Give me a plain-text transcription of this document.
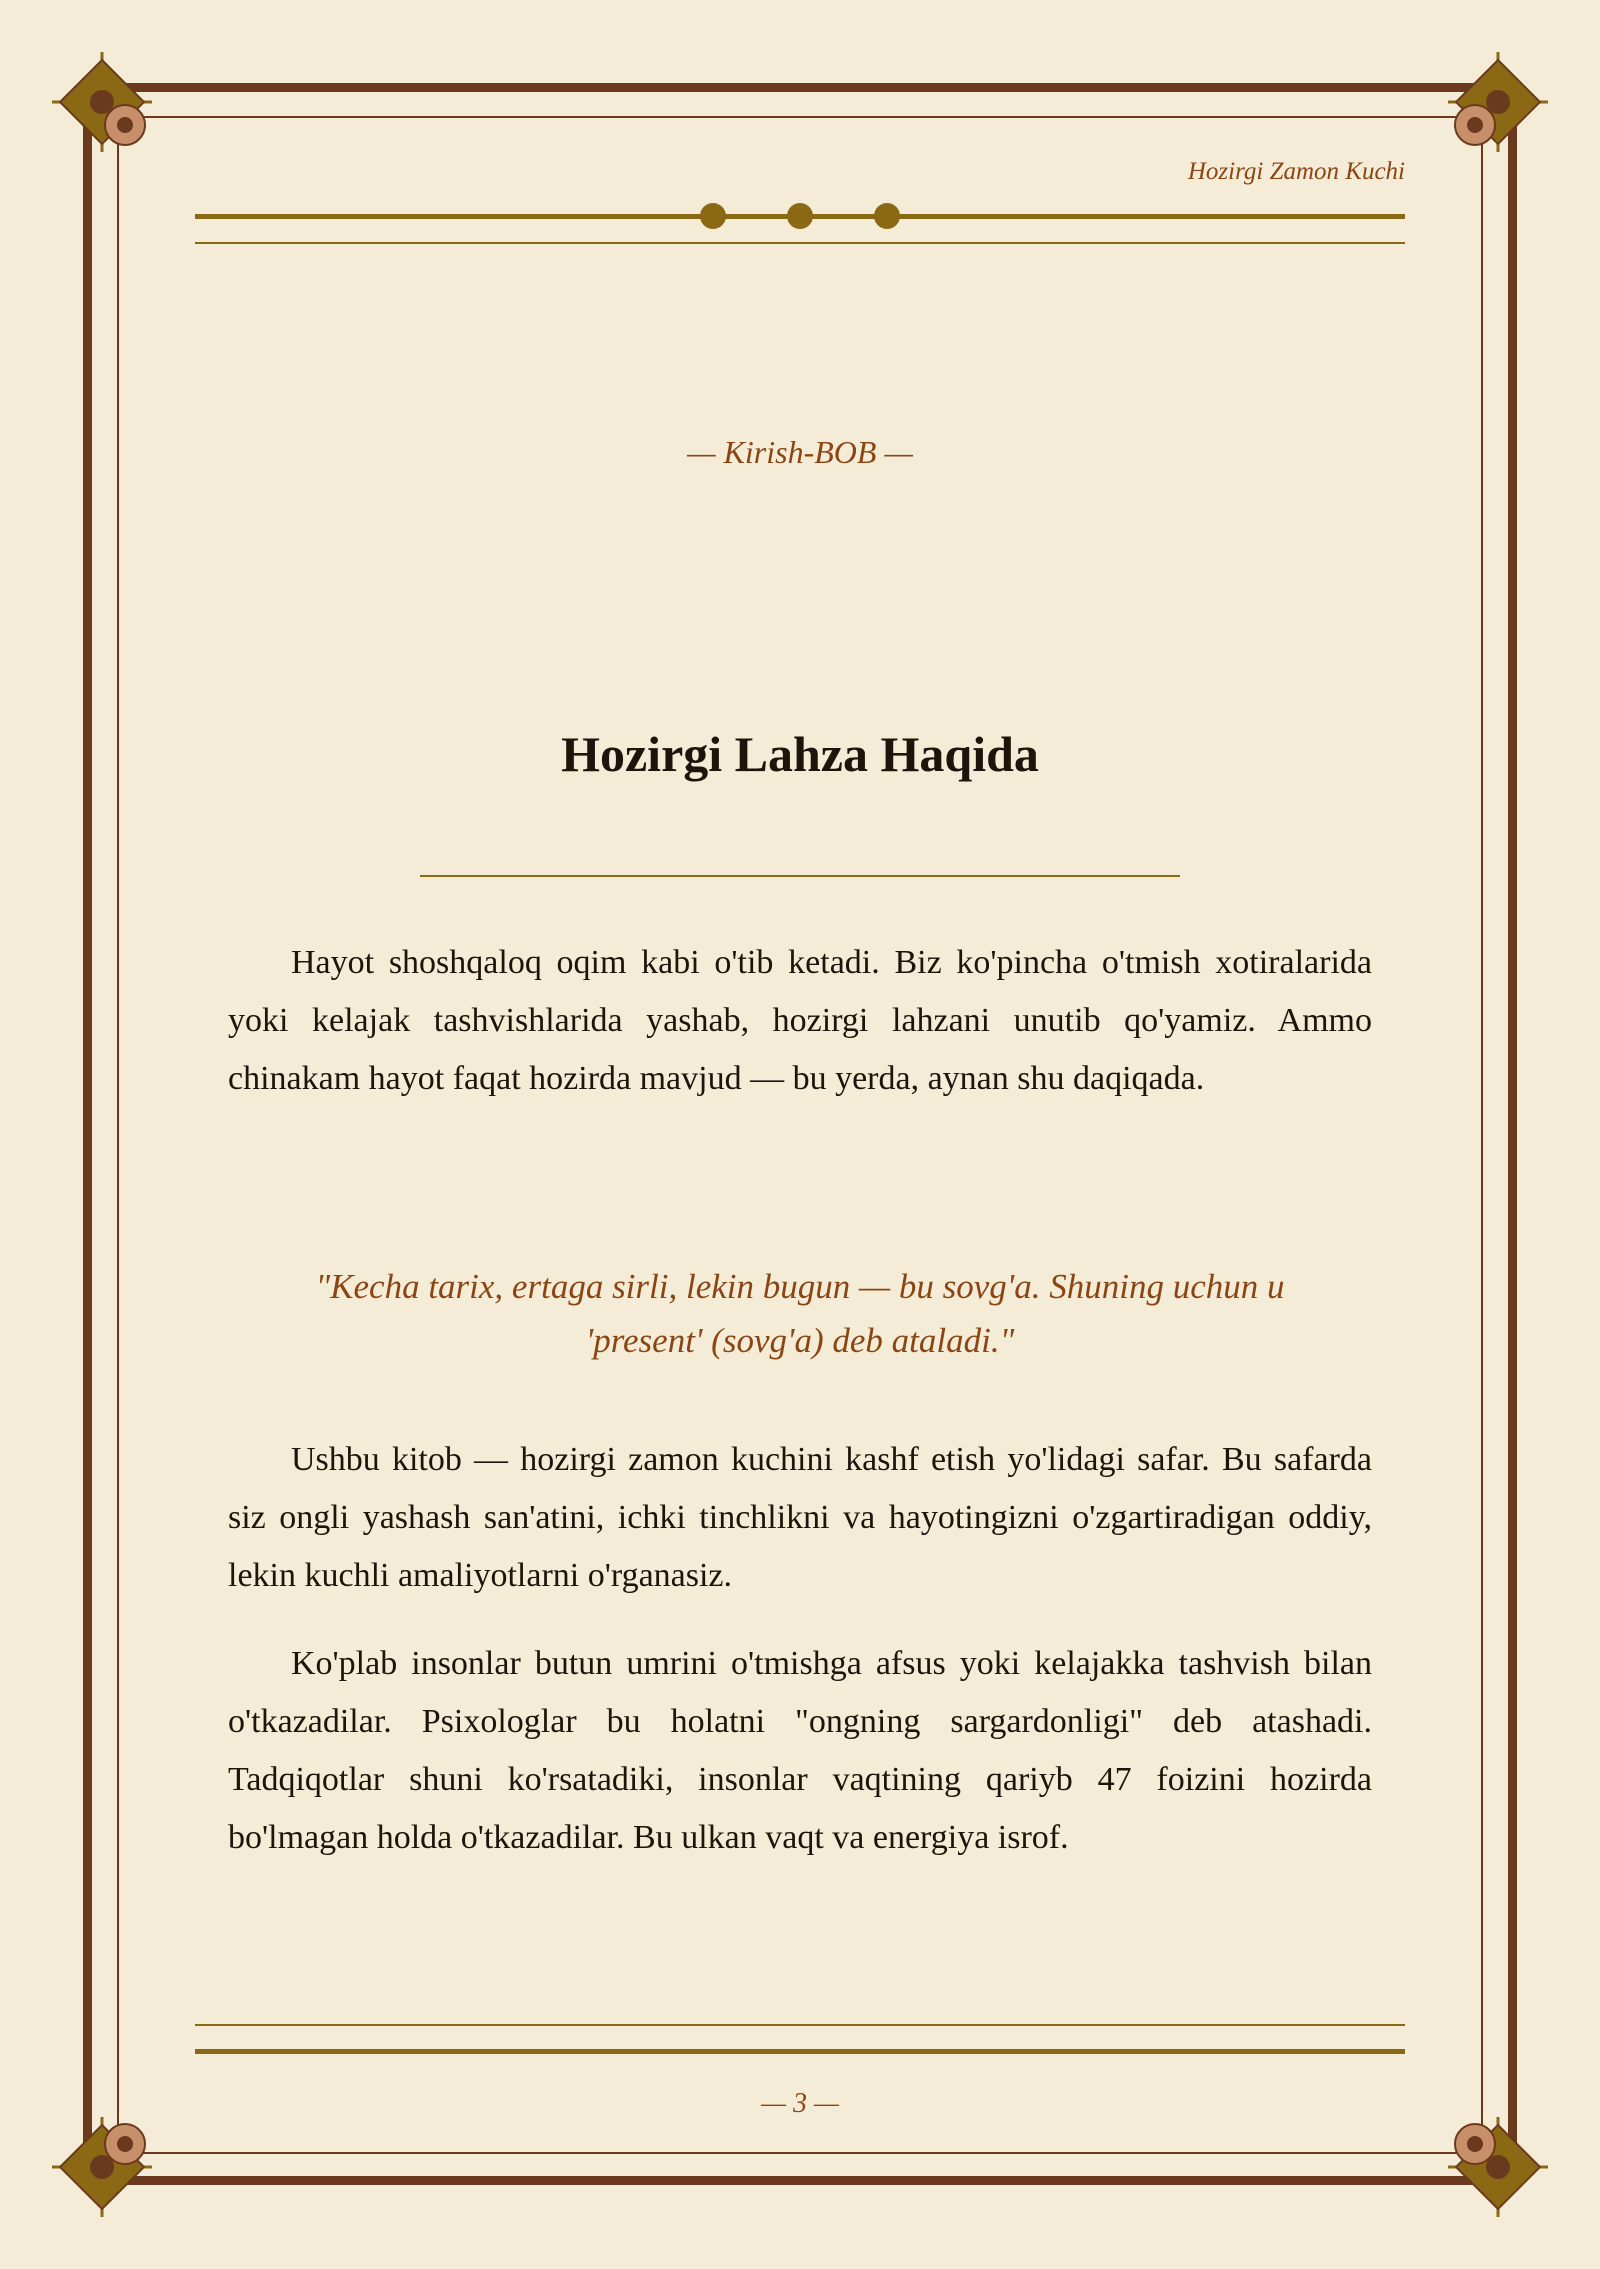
Hozirgi Zamon Kuchi
— Kirish-BOB —
Hozirgi Lahza Haqida

Hayot shoshqaloq oqim kabi o'tib ketadi. Biz ko'pincha o'tmish xotiralarida yoki kelajak tashvishlarida yashab, hozirgi lahzani unutib qo'yamiz. Ammo chinakam hayot faqat hozirda mavjud — bu yerda, aynan shu daqiqada.

"Kecha tarix, ertaga sirli, lekin bugun — bu sovg'a. Shuning uchun u 'present' (sovg'a) deb ataladi."

Ushbu kitob — hozirgi zamon kuchini kashf etish yo'lidagi safar. Bu safarda siz ongli yashash san'atini, ichki tinchlikni va hayotingizni o'zgartiradigan oddiy, lekin kuchli amaliyotlarni o'rganasiz.

Ko'plab insonlar butun umrini o'tmishga afsus yoki kelajakka tashvish bilan o'tkazadilar. Psixologlar bu holatni "ongning sargardonligi" deb atashadi. Tadqiqotlar shuni ko'rsatadiki, insonlar vaqtining qariyb 47 foizini hozirda bo'lmagan holda o'tkazadilar. Bu ulkan vaqt va energiya isrof.

— 3 —
